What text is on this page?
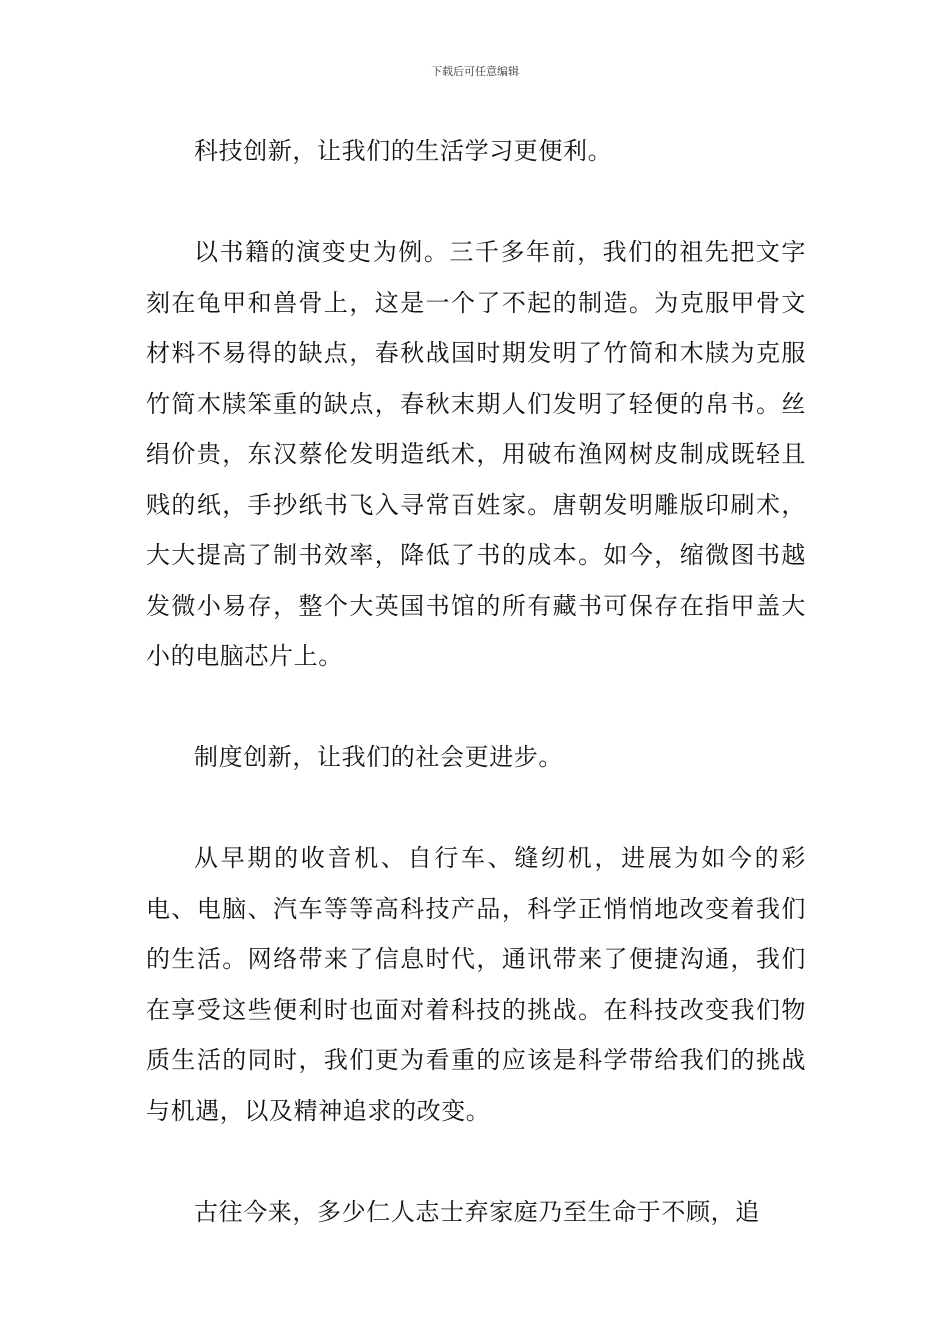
下载后可任意编辑

科技创新，让我们的生活学习更便利。

以书籍的演变史为例。三千多年前，我们的祖先把文字刻在龟甲和兽骨上，这是一个了不起的制造。为克服甲骨文材料不易得的缺点，春秋战国时期发明了竹简和木牍为克服竹简木牍笨重的缺点，春秋末期人们发明了轻便的帛书。丝绢价贵，东汉蔡伦发明造纸术，用破布渔网树皮制成既轻且贱的纸，手抄纸书飞入寻常百姓家。唐朝发明雕版印刷术，大大提高了制书效率，降低了书的成本。如今，缩微图书越发微小易存，整个大英国书馆的所有藏书可保存在指甲盖大小的电脑芯片上。

制度创新，让我们的社会更进步。

从早期的收音机、自行车、缝纫机，进展为如今的彩电、电脑、汽车等等高科技产品，科学正悄悄地改变着我们的生活。网络带来了信息时代，通讯带来了便捷沟通，我们在享受这些便利时也面对着科技的挑战。在科技改变我们物质生活的同时，我们更为看重的应该是科学带给我们的挑战与机遇，以及精神追求的改变。

古往今来，多少仁人志士弃家庭乃至生命于不顾，追
